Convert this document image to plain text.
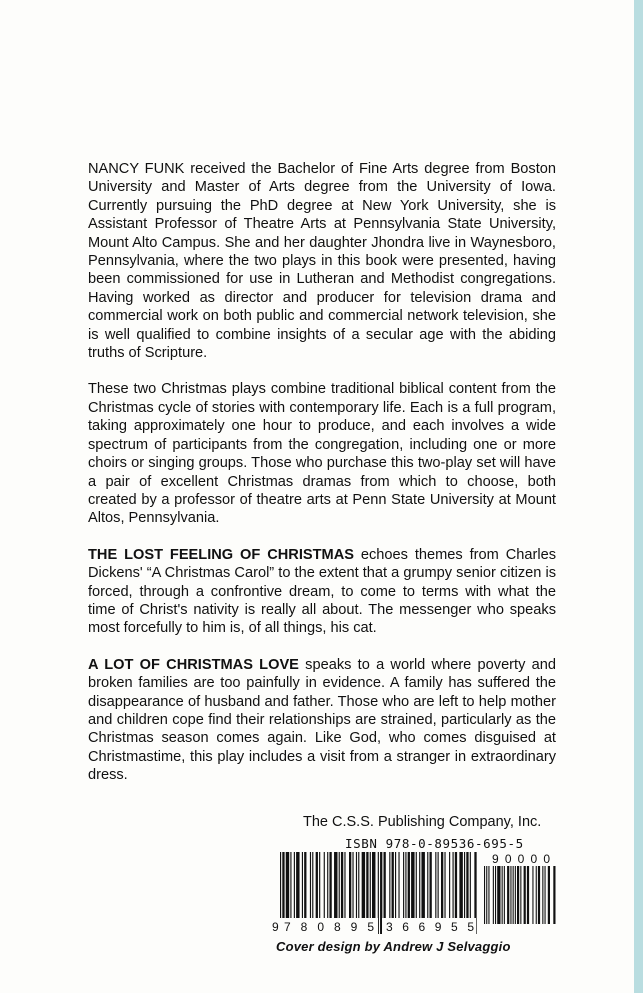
NANCY FUNK received the Bachelor of Fine Arts degree from Boston University and Master of Arts degree from the University of Iowa. Currently pursuing the PhD degree at New York University, she is Assistant Professor of Theatre Arts at Pennsylvania State University, Mount Alto Campus. She and her daughter Jhondra live in Waynesboro, Pennsylvania, where the two plays in this book were presented, having been commissioned for use in Lutheran and Methodist congregations. Having worked as director and producer for television drama and commercial work on both public and commercial network television, she is well qualified to combine insights of a secular age with the abiding truths of Scripture.

These two Christmas plays combine traditional biblical content from the Christmas cycle of stories with contemporary life. Each is a full program, taking approximately one hour to produce, and each involves a wide spectrum of participants from the congregation, including one or more choirs or singing groups. Those who purchase this two-play set will have a pair of excellent Christmas dramas from which to choose, both created by a professor of theatre arts at Penn State University at Mount Altos, Pennsylvania.

THE LOST FEELING OF CHRISTMAS echoes themes from Charles Dickens' “A Christmas Carol” to the extent that a grumpy senior citizen is forced, through a confrontive dream, to come to terms with what the time of Christ's nativity is really all about. The messenger who speaks most forcefully to him is, of all things, his cat.

A LOT OF CHRISTMAS LOVE speaks to a world where poverty and broken families are too painfully in evidence. A family has suffered the disappearance of husband and father. Those who are left to help mother and children cope find their relationships are strained, particularly as the Christmas season comes again. Like God, who comes disguised at Christmastime, this play includes a visit from a stranger in extraordinary dress.

The C.S.S. Publishing Company, Inc.
ISBN 978-0-89536-695-5
9 780895 366955
90000
Cover design by Andrew J Selvaggio
